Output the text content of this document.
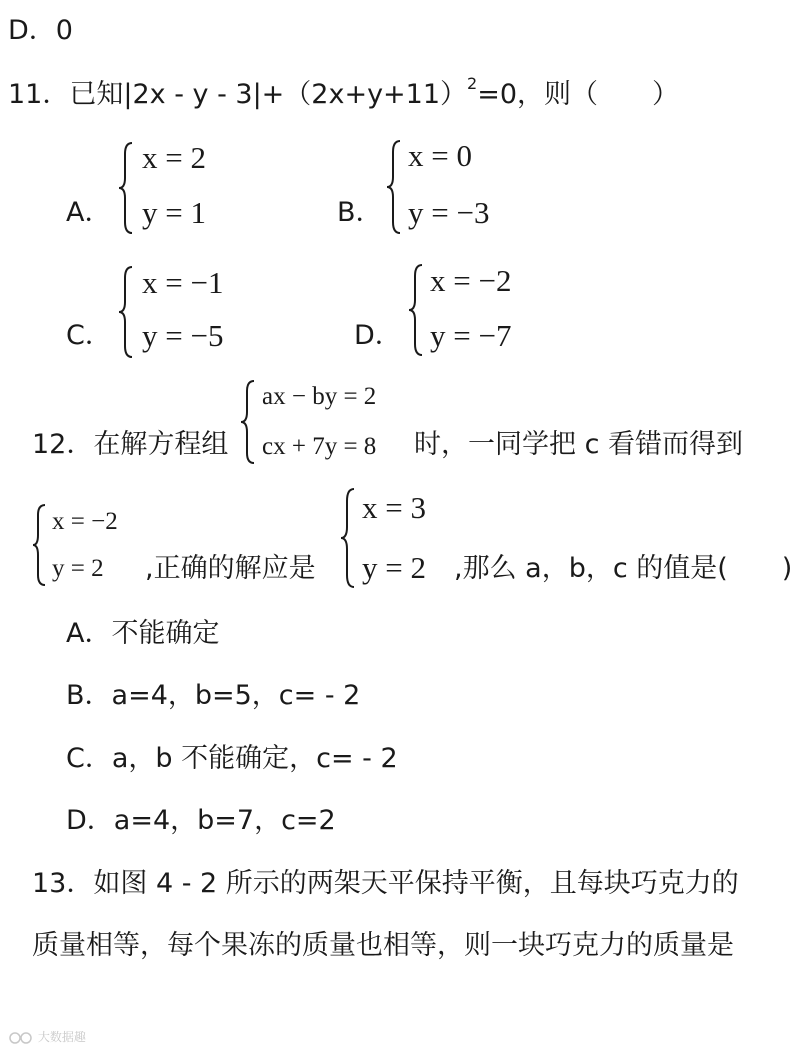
D．0
11．已知$|2x - y - 3|+(2x+y+11)^2=0$，则（　　）
A．
x = 2
y = 1	B．
x = 0
y = −3
C．
x = −1
y = −5	D．
x = −2
y = −7
12．在解方程组
ax − by = 2
cx + 7y = 8 时，一同学把 c 看错而得到
x = −2
y = 2 ,正确的解应是
x = 3
y = 2 ,那么 a，b，c 的值是(　　)
A．不能确定
B．a=4，b=5，c= - 2
C．a，b 不能确定，c= - 2
D．a=4，b=7，c=2
13．如图 4 - 2 所示的两架天平保持平衡，且每块巧克力的
质量相等，每个果冻的质量也相等，则一块巧克力的质量是
大数据趣
